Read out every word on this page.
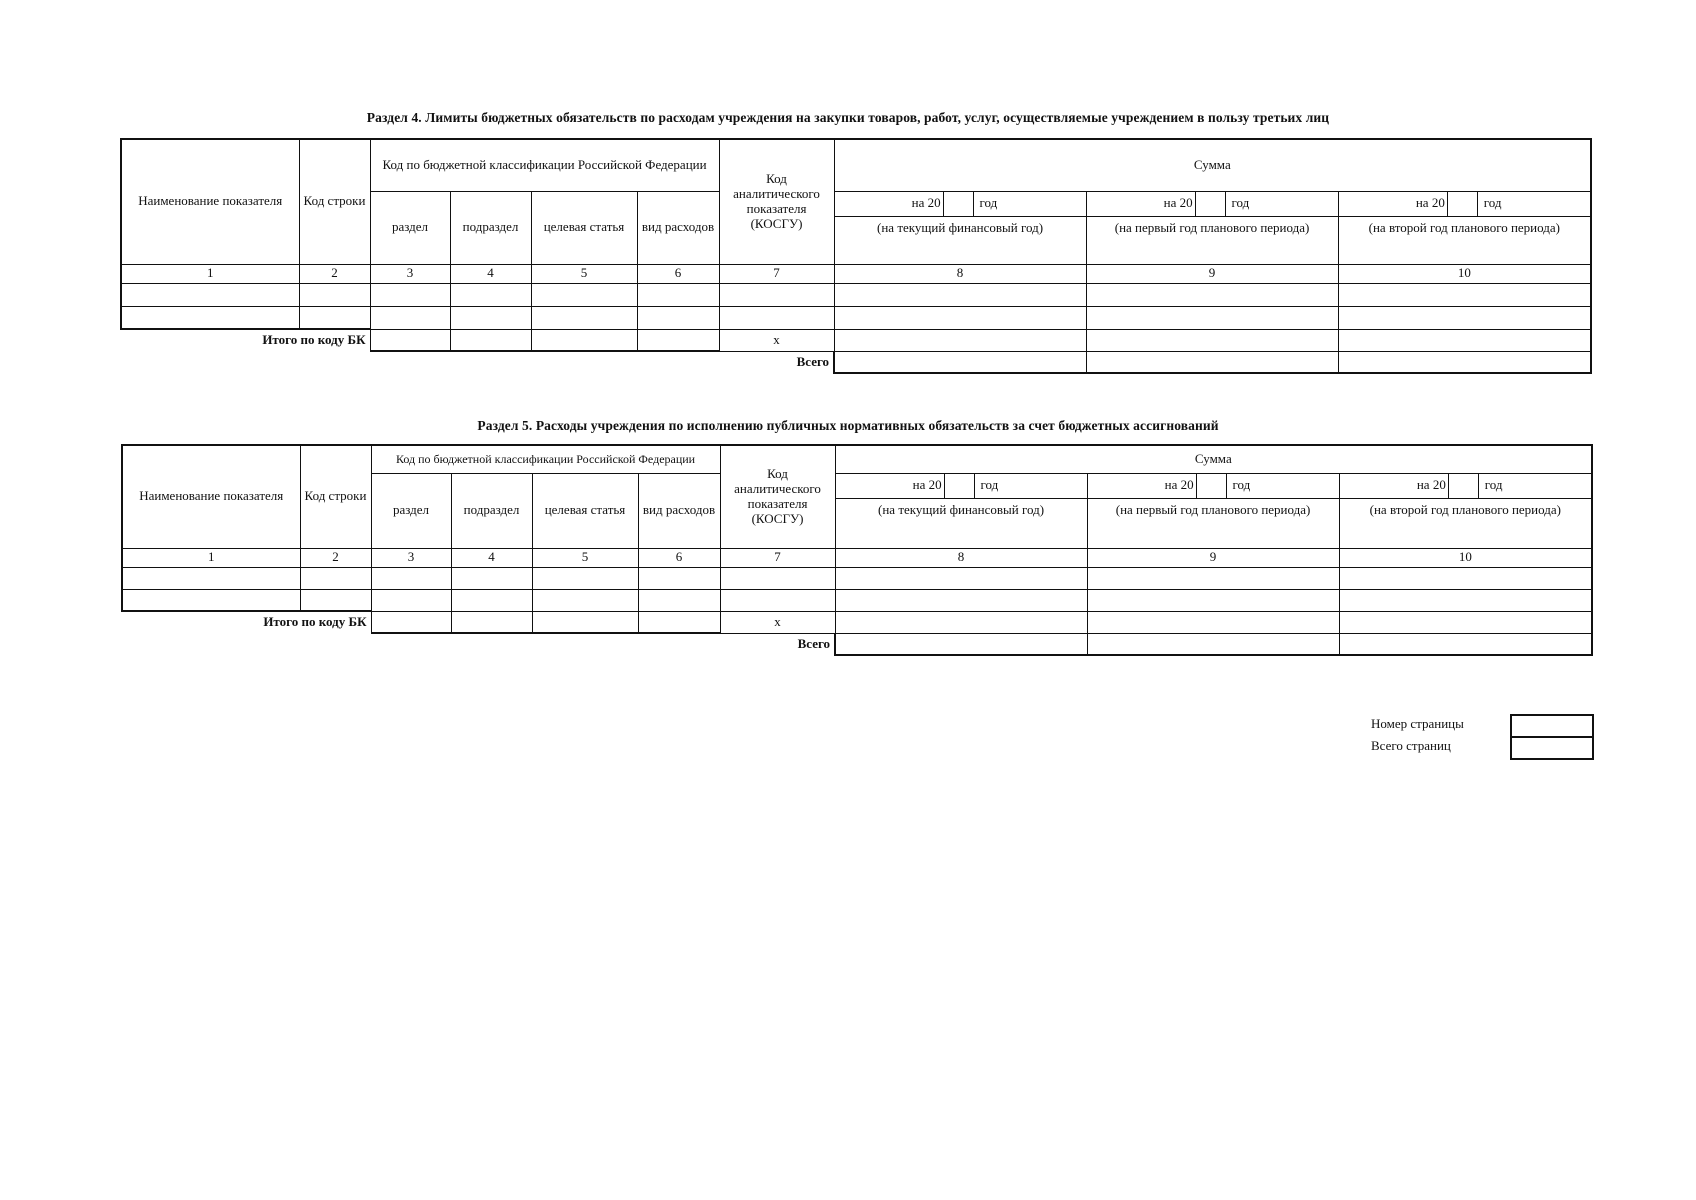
Раздел 4. Лимиты бюджетных обязательств по расходам учреждения на закупки товаров, работ, услуг, осуществляемые учреждением в пользу третьих лиц
Наименование показателя	Код строки	Код по бюджетной классификации Российской Федерации				Код аналитического показателя (КОСГУ)	Сумма		
		раздел	подраздел	целевая статья	вид расходов		на 20 год	на 20 год	на 20 год

							(на текущий финансовый год)	(на первый год планового периода)	(на второй год планового периода)
1	2	3	4	5	6	7	8	9	10

Итого по коду БК						х			
						Всего			
Раздел 5. Расходы учреждения по исполнению публичных нормативных обязательств за счет бюджетных ассигнований
Наименование показателя	Код строки	Код по бюджетной классификации Российской Федерации				Код аналитического показателя (КОСГУ)	Сумма		
		раздел	подраздел	целевая статья	вид расходов		на 20 год	на 20 год	на 20 год

							(на текущий финансовый год)	(на первый год планового периода)	(на второй год планового периода)
1	2	3	4	5	6	7	8	9	10

Итого по коду БК						х			
						Всего			
Номер страницы
Всего страниц
